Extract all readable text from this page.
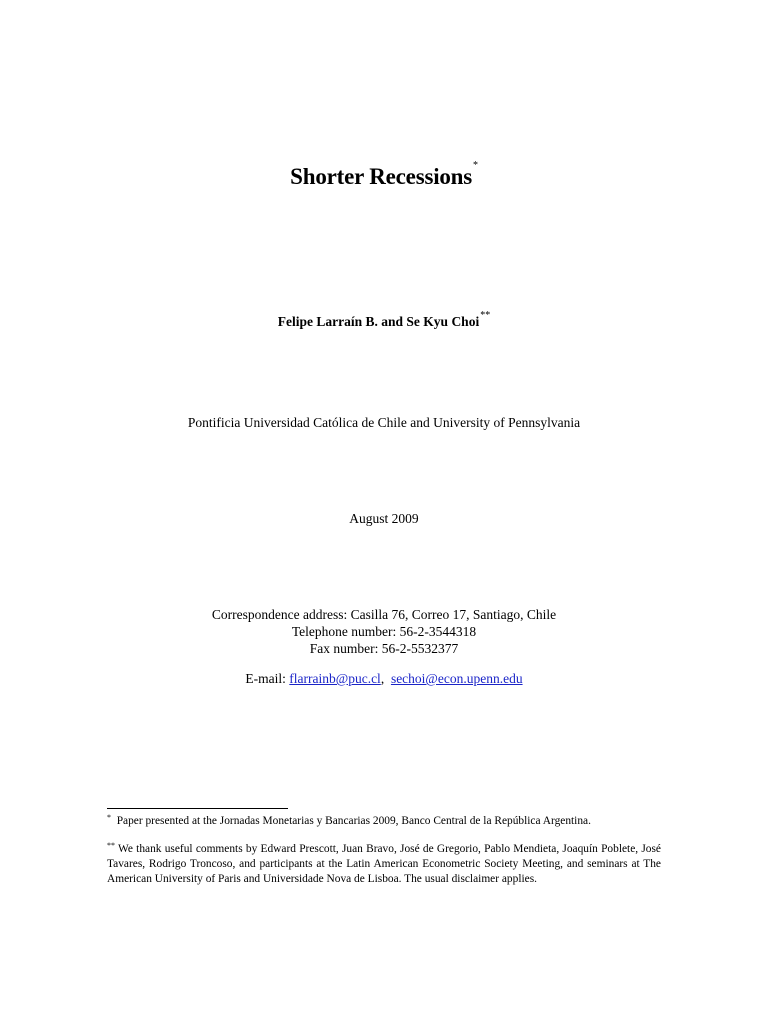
Shorter Recessions*
Felipe Larraín B. and Se Kyu Choi**
Pontificia Universidad Católica de Chile and University of Pennsylvania
August 2009
Correspondence address: Casilla 76, Correo 17, Santiago, Chile
Telephone number: 56-2-3544318
Fax number: 56-2-5532377
E-mail: flarrainb@puc.cl, sechoi@econ.upenn.edu
* Paper presented at the Jornadas Monetarias y Bancarias 2009, Banco Central de la República Argentina.
** We thank useful comments by Edward Prescott, Juan Bravo, José de Gregorio, Pablo Mendieta, Joaquín Poblete, José Tavares, Rodrigo Troncoso, and participants at the Latin American Econometric Society Meeting, and seminars at The American University of Paris and Universidade Nova de Lisboa. The usual disclaimer applies.
